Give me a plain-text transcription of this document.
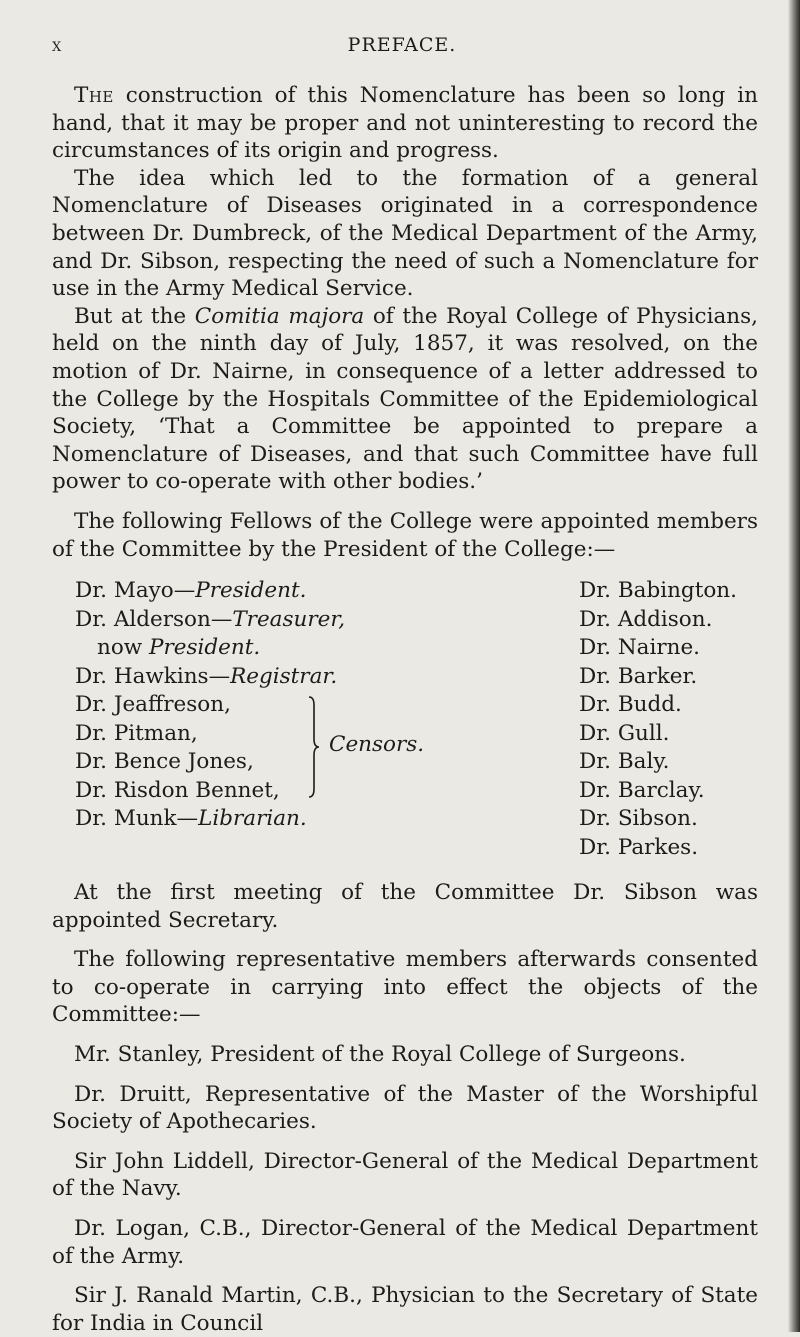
x	PREFACE.

The construction of this Nomenclature has been so long in hand, that it may be proper and not uninteresting to record the circumstances of its origin and progress.

The idea which led to the formation of a general Nomenclature of Diseases originated in a correspondence between Dr. Dumbreck, of the Medical Department of the Army, and Dr. Sibson, respecting the need of such a Nomenclature for use in the Army Medical Service.

But at the Comitia majora of the Royal College of Physicians, held on the ninth day of July, 1857, it was resolved, on the motion of Dr. Nairne, in consequence of a letter addressed to the College by the Hospitals Committee of the Epidemiological Society, ‘That a Committee be appointed to prepare a Nomenclature of Diseases, and that such Committee have full power to co-operate with other bodies.’

The following Fellows of the College were appointed members of the Committee by the President of the College:—

Dr. Mayo—President.
Dr. Alderson—Treasurer,
now President.
Dr. Hawkins—Registrar.
Dr. Jeaffreson,
Dr. Pitman,
Dr. Bence Jones,
Dr. Risdon Bennet,
Censors.
Dr. Munk—Librarian.
Dr. Babington.
Dr. Addison.
Dr. Nairne.
Dr. Barker.
Dr. Budd.
Dr. Gull.
Dr. Baly.
Dr. Barclay.
Dr. Sibson.
Dr. Parkes.

At the first meeting of the Committee Dr. Sibson was appointed Secretary.

The following representative members afterwards consented to co-operate in carrying into effect the objects of the Committee:—

Mr. Stanley, President of the Royal College of Surgeons.

Dr. Druitt, Representative of the Master of the Worshipful Society of Apothecaries.

Sir John Liddell, Director-General of the Medical Department of the Navy.

Dr. Logan, C.B., Director-General of the Medical Department of the Army.

Sir J. Ranald Martin, C.B., Physician to the Secretary of State for India in Council
